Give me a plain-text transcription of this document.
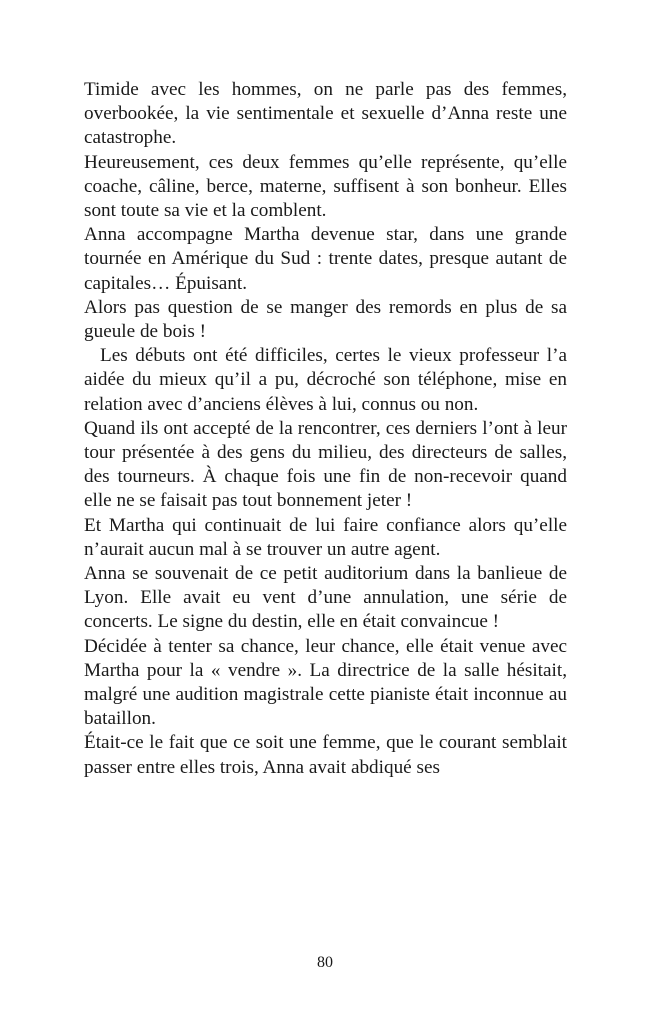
Timide avec les hommes, on ne parle pas des femmes, overbookée, la vie sentimentale et sexuelle d’Anna reste une catastrophe.

Heureusement, ces deux femmes qu’elle représente, qu’elle coache, câline, berce, materne, suffisent à son bonheur. Elles sont toute sa vie et la comblent.

Anna accompagne Martha devenue star, dans une grande tournée en Amérique du Sud : trente dates, presque autant de capitales… Épuisant.

Alors pas question de se manger des remords en plus de sa gueule de bois !

Les débuts ont été difficiles, certes le vieux professeur l’a aidée du mieux qu’il a pu, décroché son téléphone, mise en relation avec d’anciens élèves à lui, connus ou non.

Quand ils ont accepté de la rencontrer, ces derniers l’ont à leur tour présentée à des gens du milieu, des directeurs de salles, des tourneurs. À chaque fois une fin de non-recevoir quand elle ne se faisait pas tout bonnement jeter !

Et Martha qui continuait de lui faire confiance alors qu’elle n’aurait aucun mal à se trouver un autre agent.

Anna se souvenait de ce petit auditorium dans la banlieue de Lyon. Elle avait eu vent d’une annulation, une série de concerts. Le signe du destin, elle en était convaincue !

Décidée à tenter sa chance, leur chance, elle était venue avec Martha pour la « vendre ». La directrice de la salle hésitait, malgré une audition magistrale cette pianiste était inconnue au bataillon.

Était-ce le fait que ce soit une femme, que le courant semblait passer entre elles trois, Anna avait abdiqué ses

80
